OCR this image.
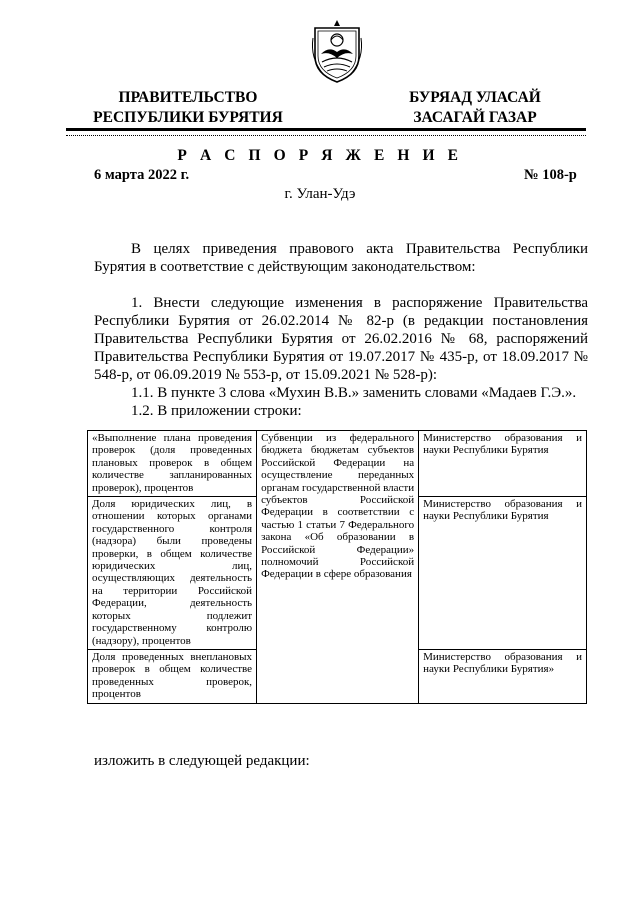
ПРАВИТЕЛЬСТВО
РЕСПУБЛИКИ БУРЯТИЯ
БУРЯАД УЛАСАЙ
ЗАСАГАЙ ГАЗАР
Р А С П О Р Я Ж Е Н И Е
6 марта 2022 г.	№ 108-р
г. Улан-Удэ

В целях приведения правового акта Правительства Республики Бурятия в соответствие с действующим законодательством:

1. Внести следующие изменения в распоряжение Правительства Республики Бурятия от 26.02.2014 № 82-р (в редакции постановления Правительства Республики Бурятия от 26.02.2016 № 68, распоряжений Правительства Республики Бурятия от 19.07.2017 № 435-р, от 18.09.2017 № 548-р, от 06.09.2019 № 553-р, от 15.09.2021 № 528-р):

1.1. В пункте 3 слова «Мухин В.В.» заменить словами «Мадаев Г.Э.».

1.2. В приложении строки:

«Выполнение плана проведения проверок (доля проведенных плановых проверок в общем количестве запланированных проверок), процентов	Субвенции из федерального бюджета бюджетам субъектов Российской Федерации на осуществление переданных органам государственной власти субъектов Российской Федерации в соответствии с частью 1 статьи 7 Федерального закона «Об образовании в Российской Федерации» полномочий Российской Федерации в сфере образования	Министерство образования и науки Республики Бурятия
Доля юридических лиц, в отношении которых органами государственного контроля (надзора) были проведены проверки, в общем количестве юридических лиц, осуществляющих деятельность на территории Российской Федерации, деятельность которых подлежит государственному контролю (надзору), процентов		Министерство образования и науки Республики Бурятия
Доля проведенных внеплановых проверок в общем количестве проведенных проверок, процентов		Министерство образования и науки Республики Бурятия»
изложить в следующей редакции:
